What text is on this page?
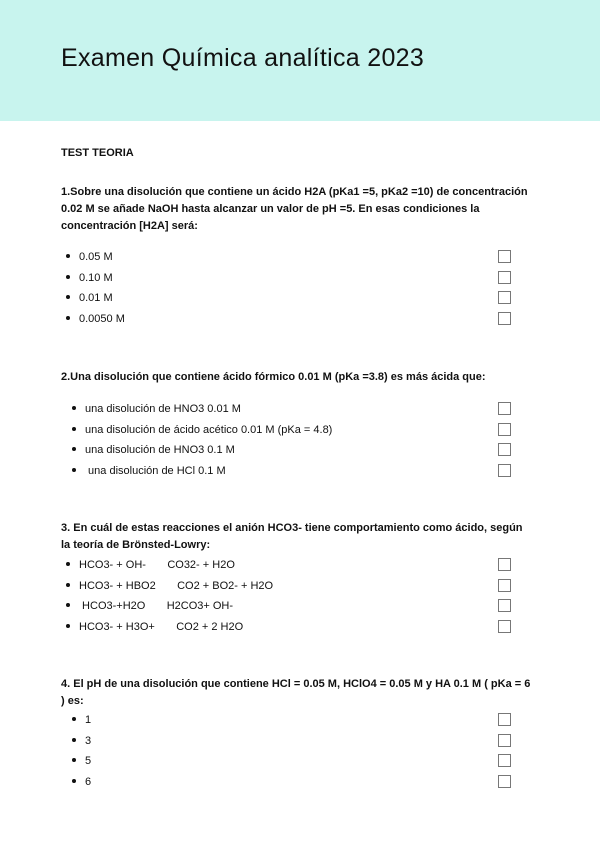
Examen Química analítica 2023
TEST TEORIA
1.Sobre una disolución que contiene un ácido H2A (pKa1 =5, pKa2 =10) de concentración 0.02 M se añade NaOH hasta alcanzar un valor de pH =5. En esas condiciones la concentración [H2A] será:
0.05 M
0.10 M
0.01 M
0.0050 M
2.Una disolución que contiene ácido fórmico 0.01 M (pKa =3.8) es más ácida que:
una disolución de HNO3 0.01 M
una disolución de ácido acético 0.01 M (pKa = 4.8)
una disolución de HNO3 0.1 M
una disolución de HCl 0.1 M
3. En cuál de estas reacciones el anión HCO3- tiene comportamiento como ácido, según la teoría de Brönsted-Lowry:
HCO3- + OH-       CO32- + H2O
HCO3- + HBO2       CO2 + BO2- + H2O
HCO3-+H2O       H2CO3+ OH-
HCO3- + H3O+       CO2 + 2 H2O
4. El pH de una disolución que contiene HCl = 0.05 M, HClO4 = 0.05 M y HA 0.1 M ( pKa = 6 ) es:
1
3
5
6
